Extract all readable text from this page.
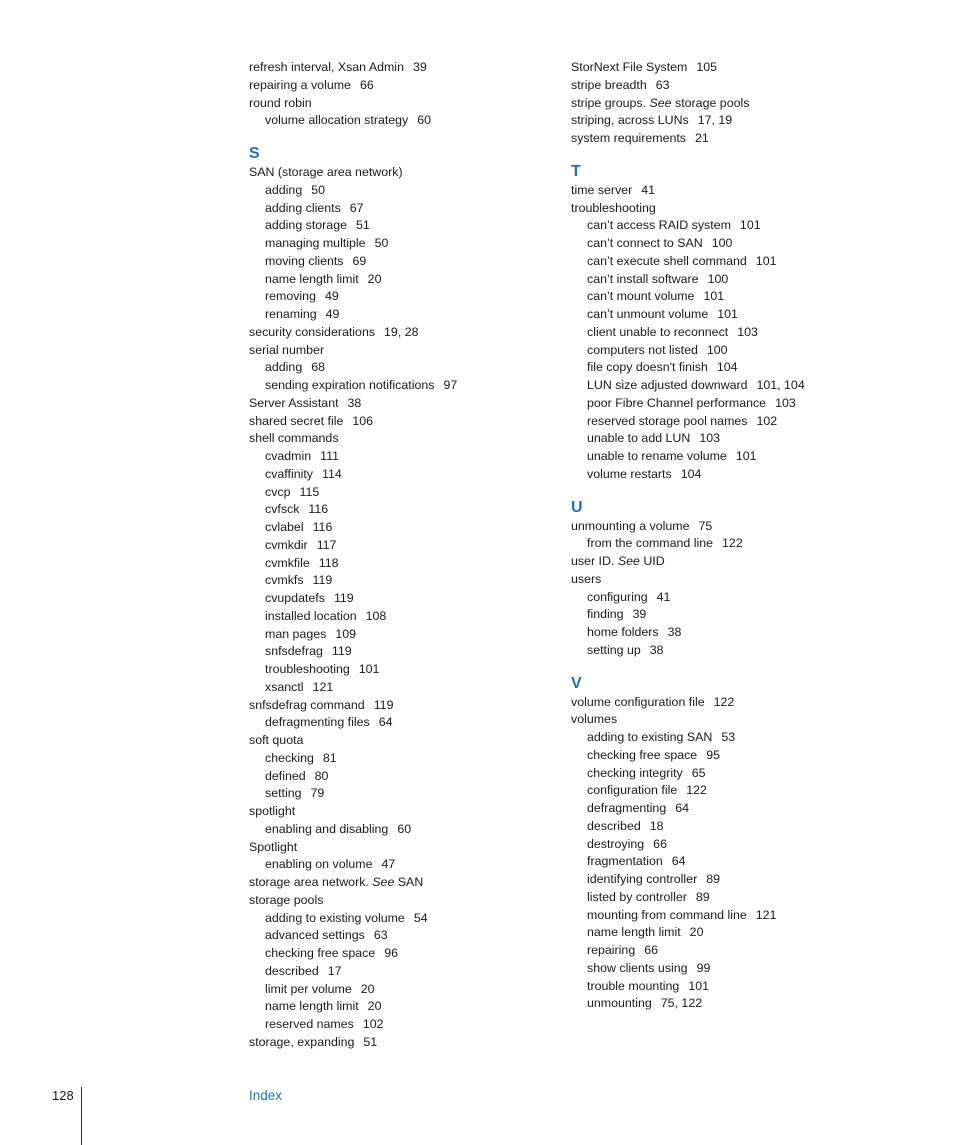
refresh interval, Xsan Admin 39
repairing a volume 66
round robin
volume allocation strategy 60
S
SAN (storage area network)
adding 50
adding clients 67
adding storage 51
managing multiple 50
moving clients 69
name length limit 20
removing 49
renaming 49
security considerations 19, 28
serial number
adding 68
sending expiration notifications 97
Server Assistant 38
shared secret file 106
shell commands
cvadmin 111
cvaffinity 114
cvcp 115
cvfsck 116
cvlabel 116
cvmkdir 117
cvmkfile 118
cvmkfs 119
cvupdatefs 119
installed location 108
man pages 109
snfsdefrag 119
troubleshooting 101
xsanctl 121
snfsdefrag command 119
defragmenting files 64
soft quota
checking 81
defined 80
setting 79
spotlight
enabling and disabling 60
Spotlight
enabling on volume 47
storage area network. See SAN
storage pools
adding to existing volume 54
advanced settings 63
checking free space 96
described 17
limit per volume 20
name length limit 20
reserved names 102
storage, expanding 51
StorNext File System 105
stripe breadth 63
stripe groups. See storage pools
striping, across LUNs 17, 19
system requirements 21
T
time server 41
troubleshooting
can’t access RAID system 101
can’t connect to SAN 100
can’t execute shell command 101
can’t install software 100
can’t mount volume 101
can’t unmount volume 101
client unable to reconnect 103
computers not listed 100
file copy doesn't finish 104
LUN size adjusted downward 101, 104
poor Fibre Channel performance 103
reserved storage pool names 102
unable to add LUN 103
unable to rename volume 101
volume restarts 104
U
unmounting a volume 75
from the command line 122
user ID. See UID
users
configuring 41
finding 39
home folders 38
setting up 38
V
volume configuration file 122
volumes
adding to existing SAN 53
checking free space 95
checking integrity 65
configuration file 122
defragmenting 64
described 18
destroying 66
fragmentation 64
identifying controller 89
listed by controller 89
mounting from command line 121
name length limit 20
repairing 66
show clients using 99
trouble mounting 101
unmounting 75, 122
128	Index
